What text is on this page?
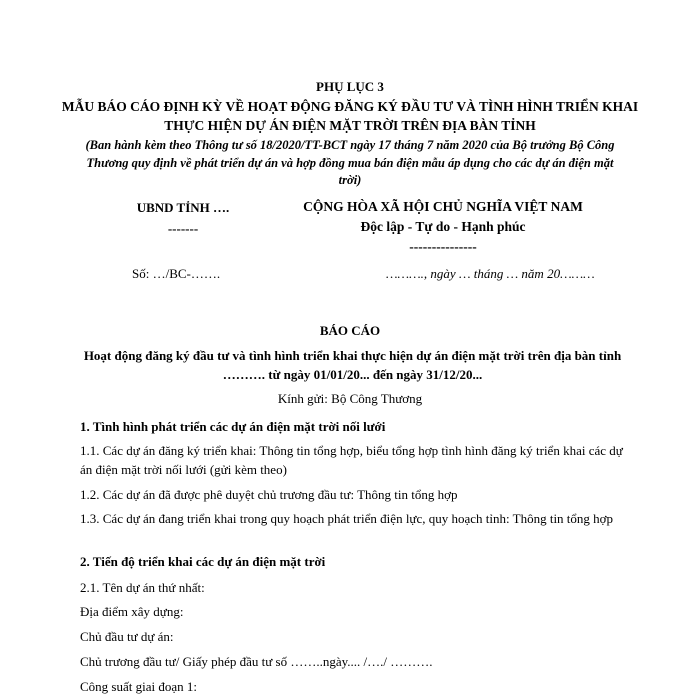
PHỤ LỤC 3
MẪU BÁO CÁO ĐỊNH KỲ VỀ HOẠT ĐỘNG ĐĂNG KÝ ĐẦU TƯ VÀ TÌNH HÌNH TRIỂN KHAI THỰC HIỆN DỰ ÁN ĐIỆN MẶT TRỜI TRÊN ĐỊA BÀN TỈNH
(Ban hành kèm theo Thông tư số 18/2020/TT-BCT ngày 17 tháng 7 năm 2020 của Bộ trưởng Bộ Công Thương quy định về phát triển dự án và hợp đồng mua bán điện mẫu áp dụng cho các dự án điện mặt trời)
UBND TỈNH ….
-------
CỘNG HÒA XÃ HỘI CHỦ NGHĨA VIỆT NAM
Độc lập - Tự do - Hạnh phúc
---------------
Số: …/BC-…….	………., ngày … tháng … năm 20………
BÁO CÁO
Hoạt động đăng ký đầu tư và tình hình triển khai thực hiện dự án điện mặt trời trên địa bàn tỉnh ………. từ ngày 01/01/20... đến ngày 31/12/20...
Kính gửi: Bộ Công Thương
1. Tình hình phát triển các dự án điện mặt trời nối lưới
1.1. Các dự án đăng ký triển khai: Thông tin tổng hợp, biểu tổng hợp tình hình đăng ký triển khai các dự án điện mặt trời nối lưới (gửi kèm theo)
1.2. Các dự án đã được phê duyệt chủ trương đầu tư: Thông tin tổng hợp
1.3. Các dự án đang triển khai trong quy hoạch phát triển điện lực, quy hoạch tỉnh: Thông tin tổng hợp
2. Tiến độ triển khai các dự án điện mặt trời
2.1. Tên dự án thứ nhất:
Địa điểm xây dựng:
Chủ đầu tư dự án:
Chủ trương đầu tư/ Giấy phép đầu tư số ……..ngày.... /…./ ……….
Công suất giai đoạn 1:
